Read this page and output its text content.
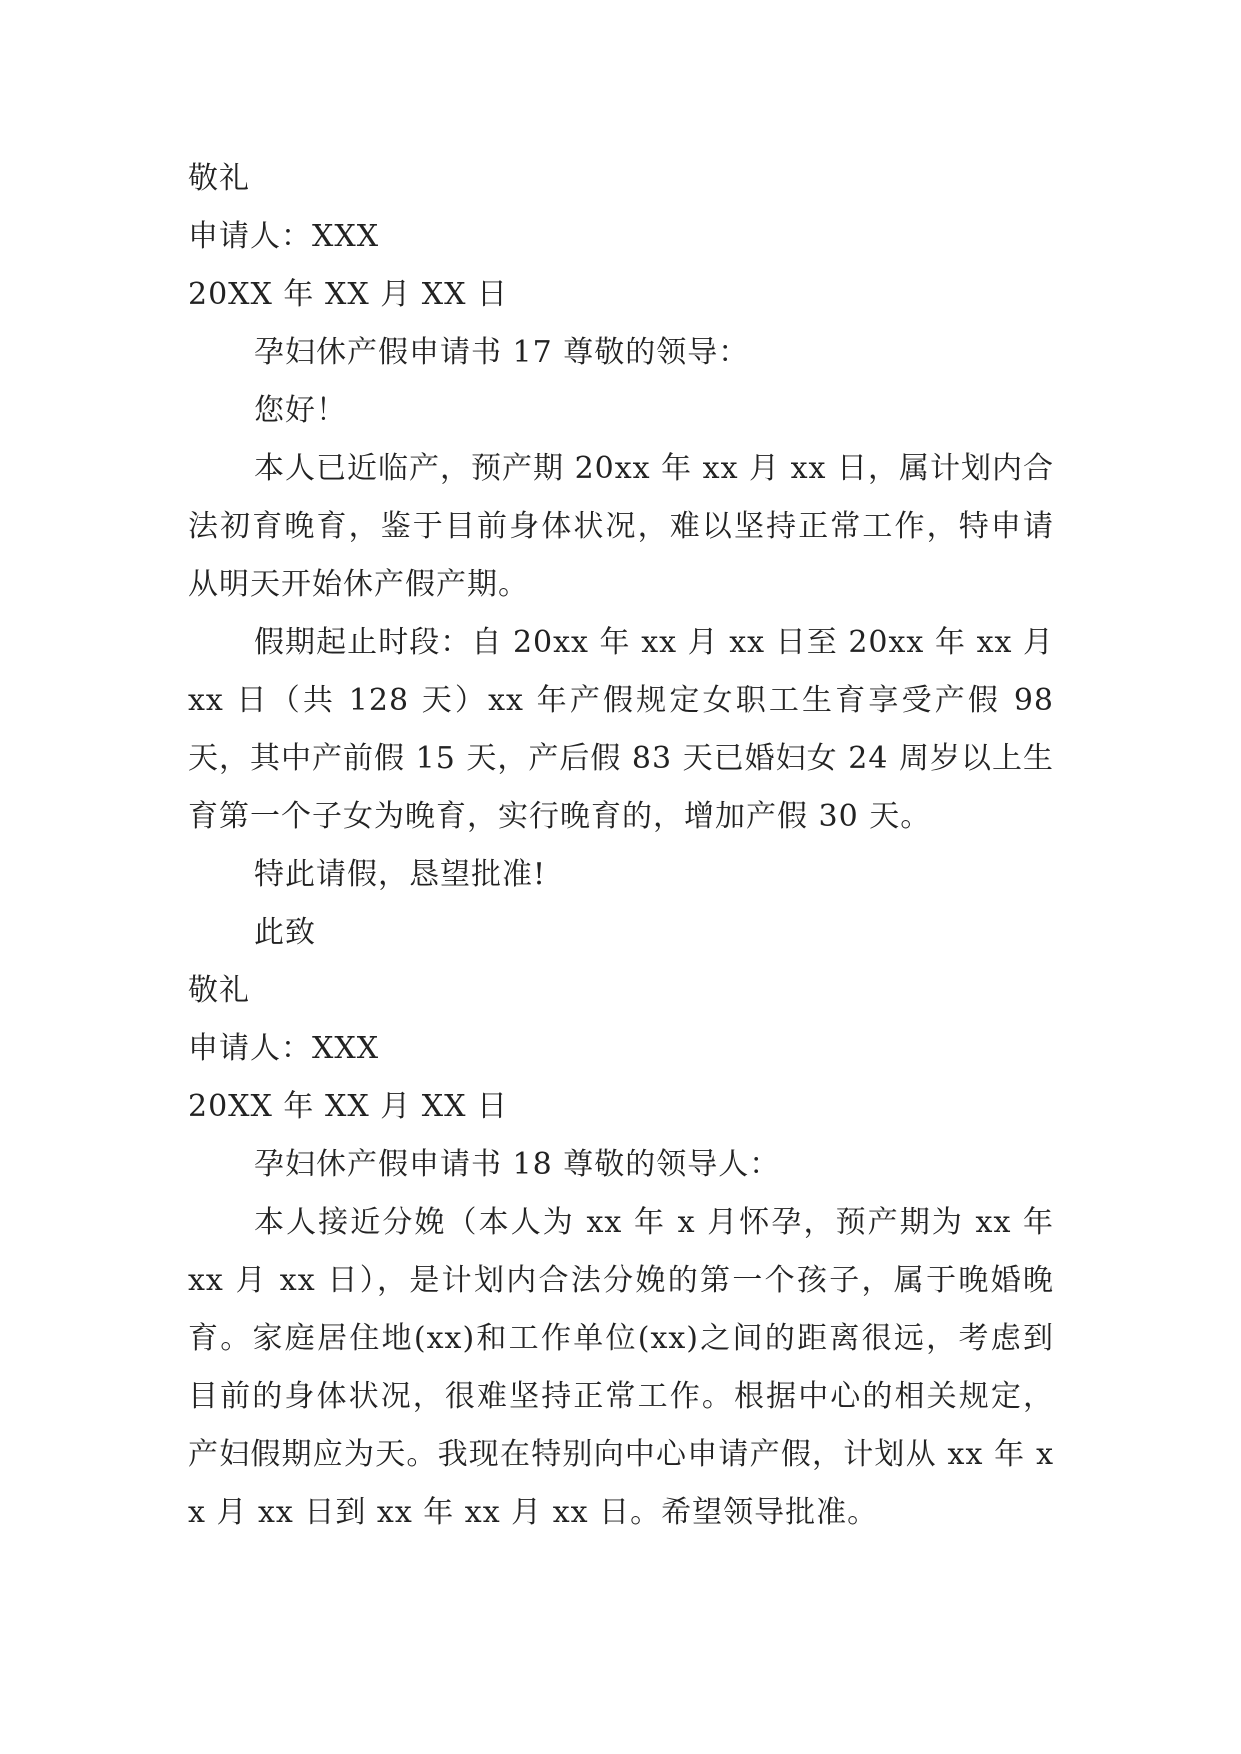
敬礼

申请人：XXX

20XX 年 XX 月 XX 日

孕妇休产假申请书 17 尊敬的领导：

您好！

本人已近临产，预产期 20xx 年 xx 月 xx 日，属计划内合法初育晚育，鉴于目前身体状况，难以坚持正常工作，特申请从明天开始休产假产期。

假期起止时段：自 20xx 年 xx 月 xx 日至 20xx 年 xx 月 xx 日（共 128 天）xx 年产假规定女职工生育享受产假 98 天，其中产前假 15 天，产后假 83 天已婚妇女 24 周岁以上生育第一个子女为晚育，实行晚育的，增加产假 30 天。

特此请假，恳望批准!

此致

敬礼

申请人：XXX

20XX 年 XX 月 XX 日

孕妇休产假申请书 18 尊敬的领导人：

本人接近分娩（本人为 xx 年 x 月怀孕，预产期为 xx 年 xx 月 xx 日），是计划内合法分娩的第一个孩子，属于晚婚晚育。家庭居住地(xx)和工作单位(xx)之间的距离很远，考虑到目前的身体状况，很难坚持正常工作。根据中心的相关规定，产妇假期应为天。我现在特别向中心申请产假，计划从 xx 年 xx 月 xx 日到 xx 年 xx 月 xx 日。希望领导批准。
